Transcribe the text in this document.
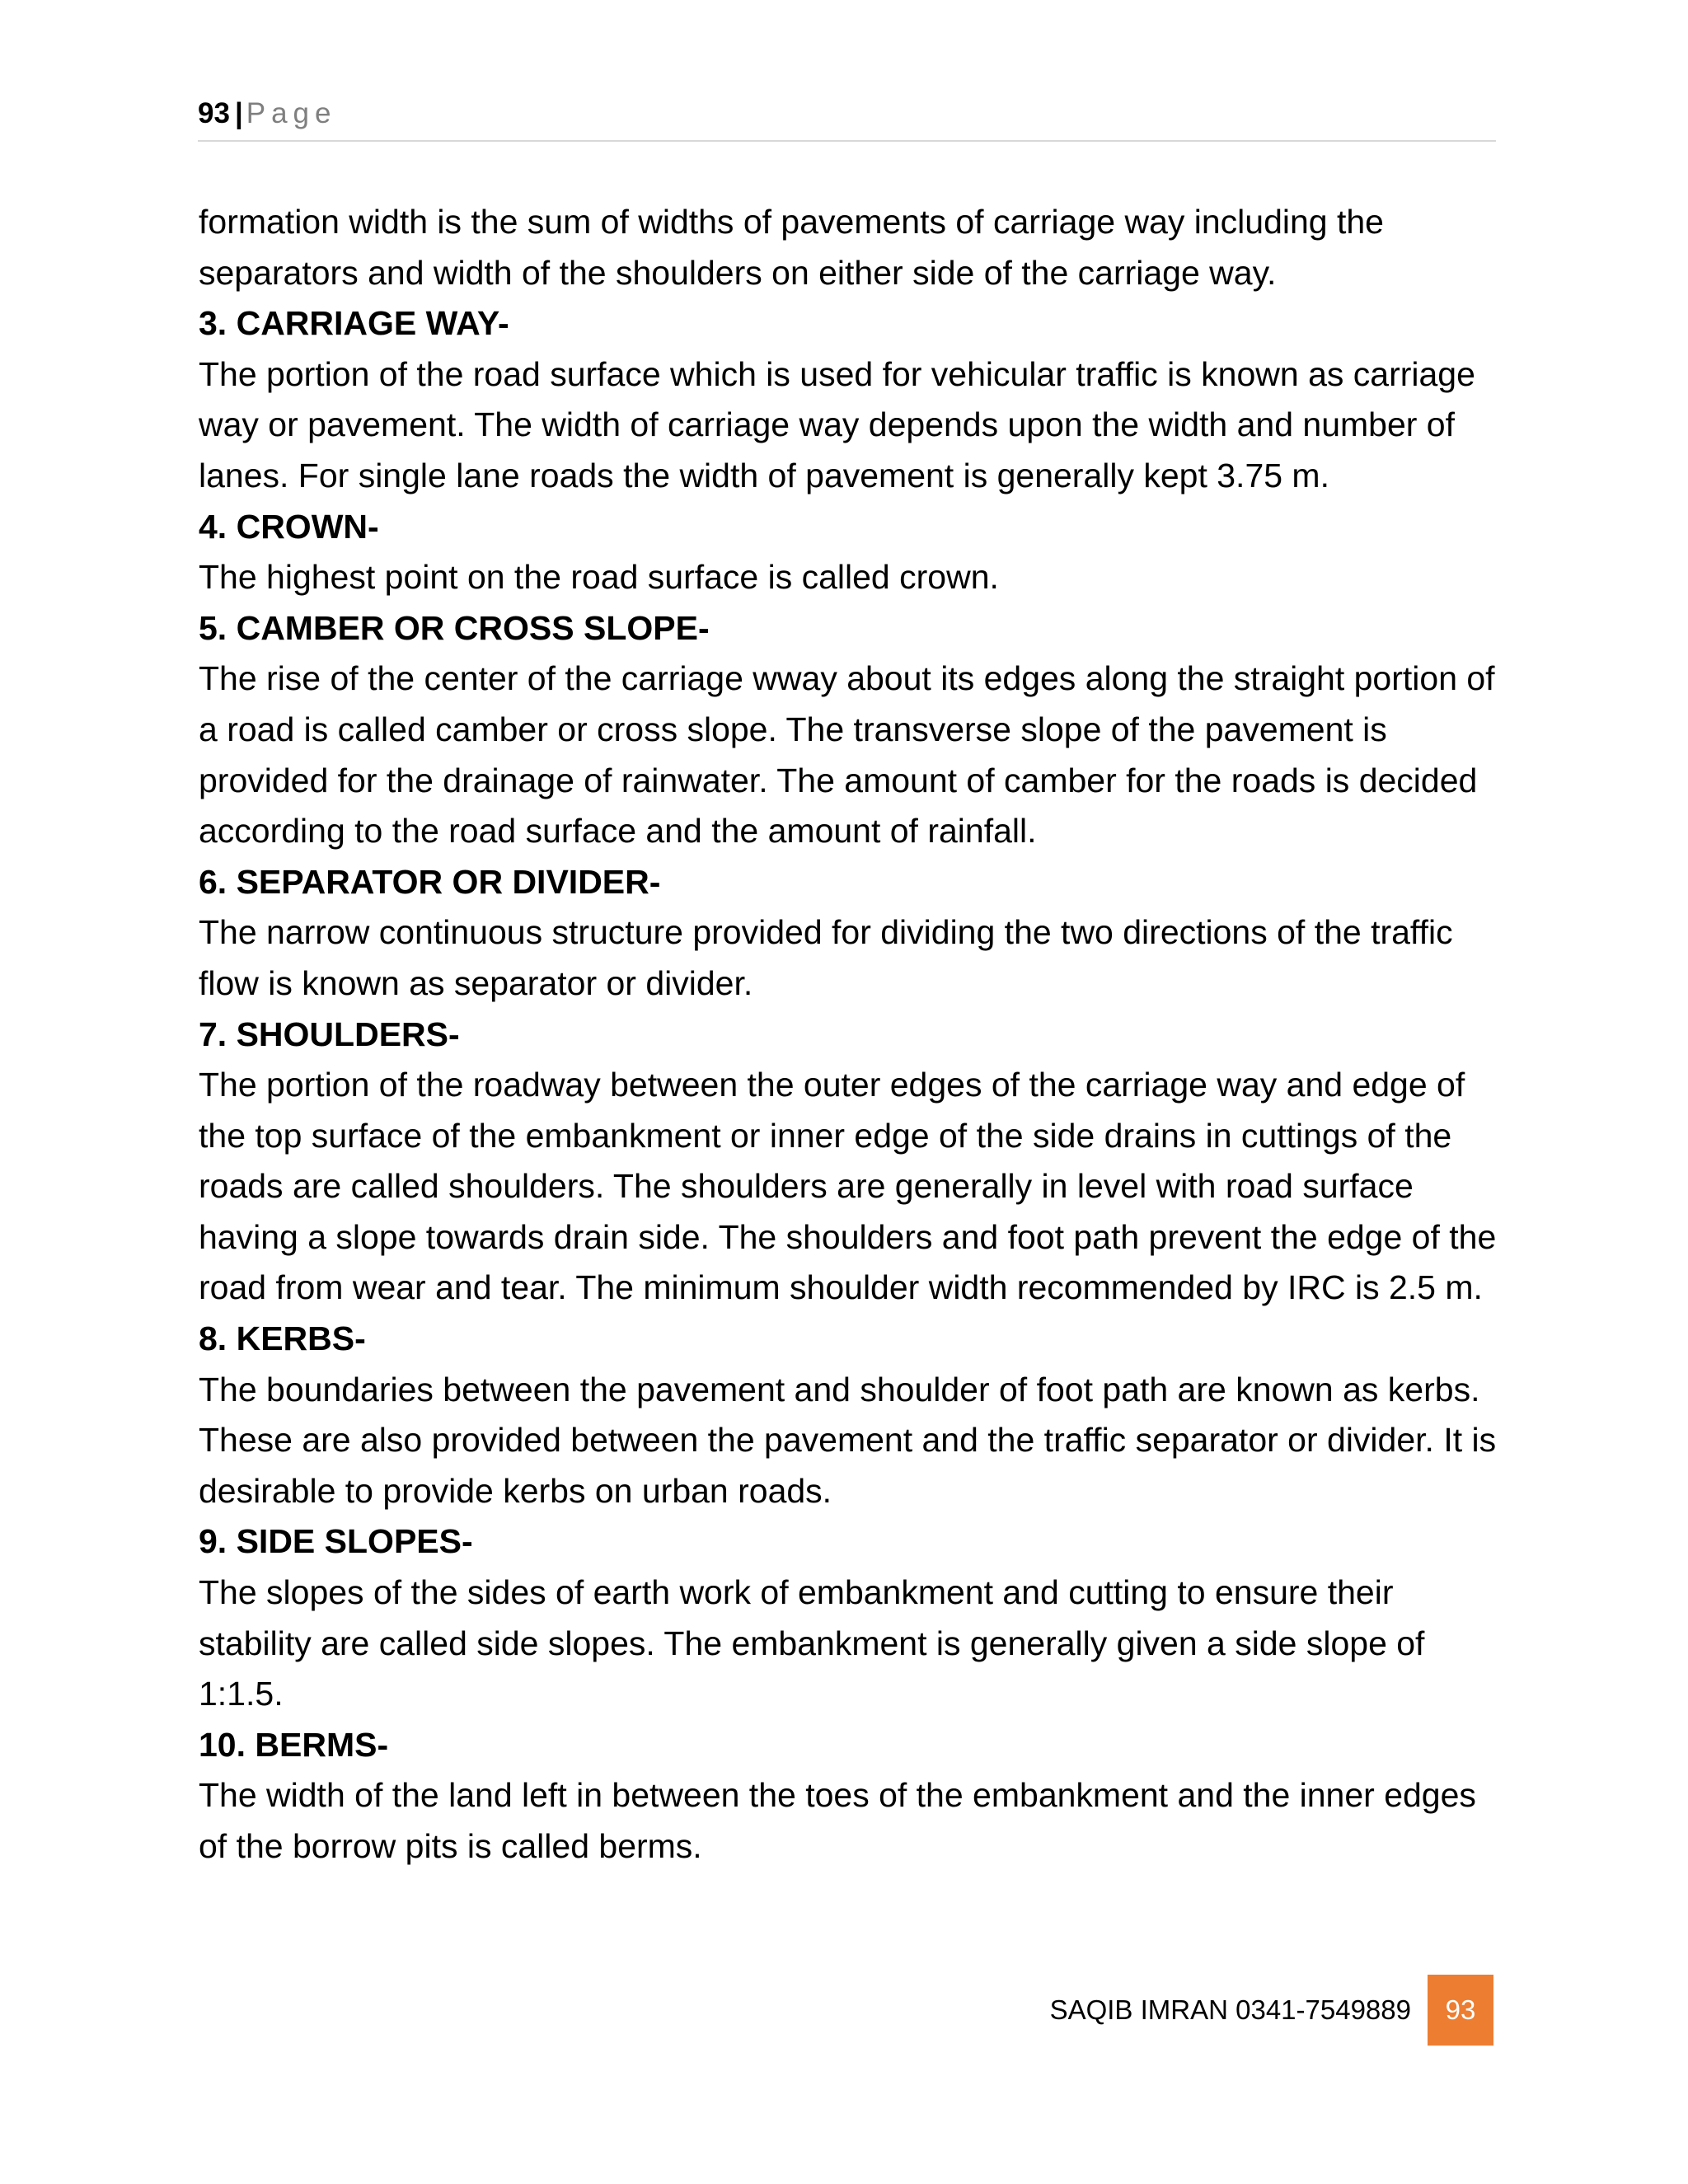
93 | Page

formation width is the sum of widths of pavements of carriage way including the separators and width of the shoulders on either side of the carriage way.

3. CARRIAGE WAY-

The portion of the road surface which is used for vehicular traffic is known as carriage way or pavement. The width of carriage way depends upon the width and number of lanes. For single lane roads the width of pavement is generally kept 3.75 m.

4. CROWN-

The highest point on the road surface is called crown.

5. CAMBER OR CROSS SLOPE-

The rise of the center of the carriage wway about its edges along the straight portion of a road is called camber or cross slope. The transverse slope of the pavement is provided for the drainage of rainwater. The amount of camber for the roads is decided according to the road surface and the amount of rainfall.

6. SEPARATOR OR DIVIDER-

The narrow continuous structure provided for dividing the two directions of the traffic flow is known as separator or divider.

7. SHOULDERS-

The portion of the roadway between the outer edges of the carriage way and edge of the top surface of the embankment or inner edge of the side drains in cuttings of the roads are called shoulders. The shoulders are generally in level with road surface having a slope towards drain side. The shoulders and foot path prevent the edge of the road from wear and tear. The minimum shoulder width recommended by IRC is 2.5 m.

8. KERBS-

The boundaries between the pavement and shoulder of foot path are known as kerbs. These are also provided between the pavement and the traffic separator or divider. It is desirable to provide kerbs on urban roads.

9. SIDE SLOPES-

The slopes of the sides of earth work of embankment and cutting to ensure their stability are called side slopes. The embankment is generally given a side slope of 1:1.5.

10. BERMS-

The width of the land left in between the toes of the embankment and the inner edges of the borrow pits is called berms.

SAQIB IMRAN 0341-7549889	93
